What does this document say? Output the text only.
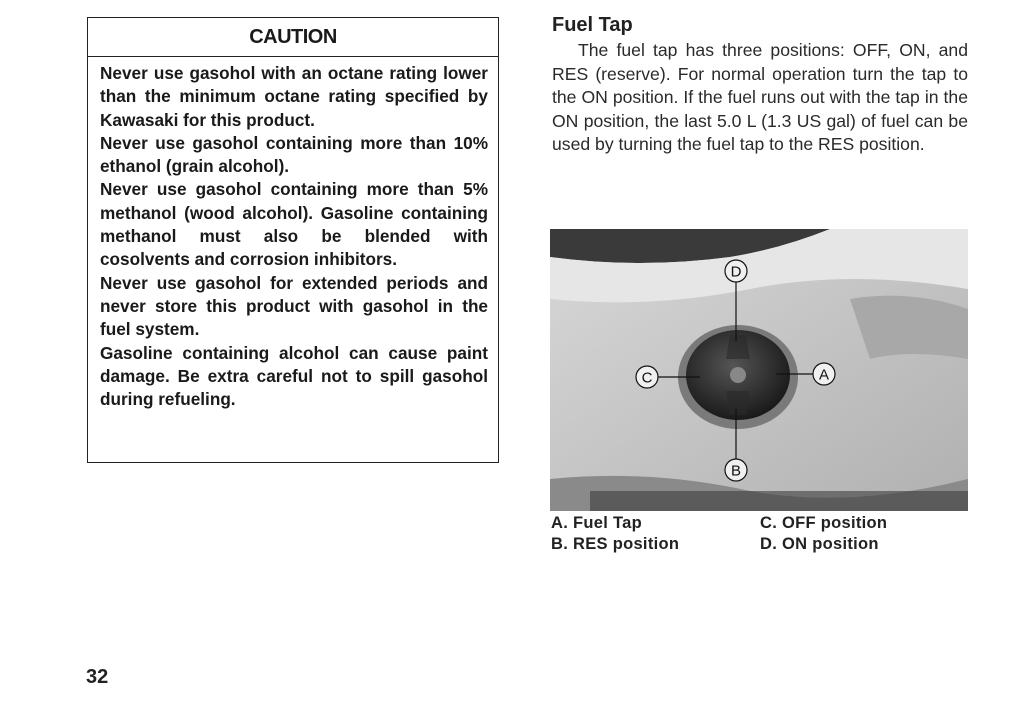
CAUTION

Never use gasohol with an octane rating lower than the minimum octane rating specified by Kawasaki for this product.

Never use gasohol containing more than 10% ethanol (grain alcohol).

Never use gasohol containing more than 5% methanol (wood alcohol). Gasoline containing methanol must also be blended with cosolvents and corrosion inhibitors.

Never use gasohol for extended periods and never store this product with gasohol in the fuel system.

Gasoline containing alcohol can cause paint damage. Be extra careful not to spill gasohol during refueling.

Fuel Tap

The fuel tap has three positions: OFF, ON, and RES (reserve). For normal operation turn the tap to the ON position. If the fuel runs out with the tap in the ON position, the last 5.0 L (1.3 US gal) of fuel can be used by turning the fuel tap to the RES position.

D
B
C	A
A. Fuel Tap
B. RES position
C. OFF position
D. ON position
32
